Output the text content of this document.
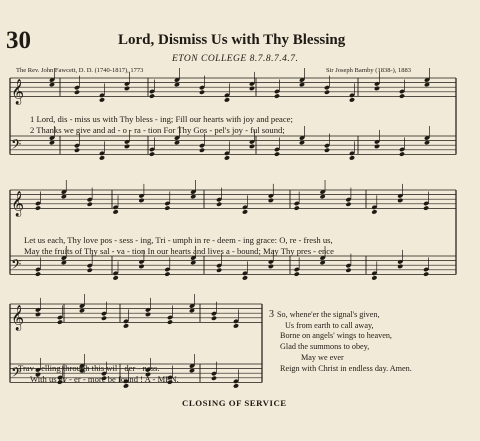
30	Lord, Dismiss Us with Thy Blessing
ETON COLLEGE 8.7.8.7.4.7.
The Rev. John Fawcett, D. D. (1740-1817), 1773	Sir Joseph Barnby (1838-), 1883
𝄞
𝄢
𝄞
𝄢
𝄞
𝄢
1 Lord, dis - miss us with Thy bless - ing; Fill our hearts with joy and peace;
2 Thanks we give and ad - o - ra - tion For Thy Gos - pel's joy - ful sound;
Let us each, Thy love pos - sess - ing, Tri - umph in re - deem - ing grace: O, re - fresh us,
May the fruits of Thy sal - va - tion In our hearts and lives a - bound; May Thy pres - ence
Trav - elling through this wil - der - ness.
With us ev - er - more be found ! A - MEN.
3 So, whene'er the signal's given,
Us from earth to call away,
Borne on angels' wings to heaven,
Glad the summons to obey,
May we ever
Reign with Christ in endless day. Amen.
CLOSING OF SERVICE
